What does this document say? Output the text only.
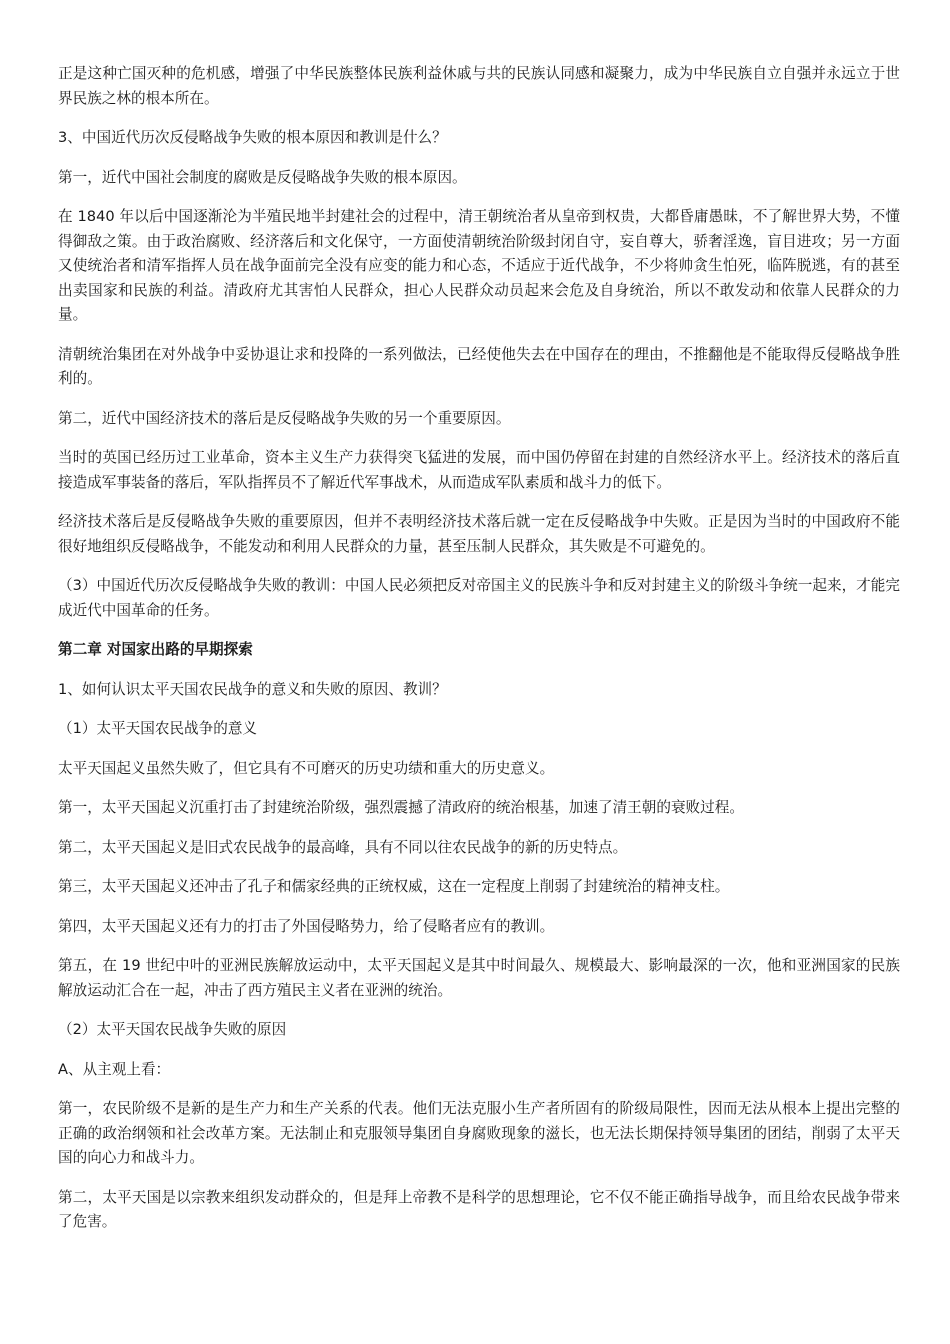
正是这种亡国灭种的危机感，增强了中华民族整体民族利益休戚与共的民族认同感和凝聚力，成为中华民族自立自强并永远立于世界民族之林的根本所在。

3、中国近代历次反侵略战争失败的根本原因和教训是什么？

第一，近代中国社会制度的腐败是反侵略战争失败的根本原因。

在 1840 年以后中国逐渐沦为半殖民地半封建社会的过程中，清王朝统治者从皇帝到权贵，大都昏庸愚昧，不了解世界大势，不懂得御敌之策。由于政治腐败、经济落后和文化保守，一方面使清朝统治阶级封闭自守，妄自尊大，骄奢淫逸，盲目进攻；另一方面又使统治者和清军指挥人员在战争面前完全没有应变的能力和心态，不适应于近代战争，不少将帅贪生怕死，临阵脱逃，有的甚至出卖国家和民族的利益。清政府尤其害怕人民群众，担心人民群众动员起来会危及自身统治，所以不敢发动和依靠人民群众的力量。

清朝统治集团在对外战争中妥协退让求和投降的一系列做法，已经使他失去在中国存在的理由，不推翻他是不能取得反侵略战争胜利的。

第二，近代中国经济技术的落后是反侵略战争失败的另一个重要原因。

当时的英国已经历过工业革命，资本主义生产力获得突飞猛进的发展，而中国仍停留在封建的自然经济水平上。经济技术的落后直接造成军事装备的落后，军队指挥员不了解近代军事战术，从而造成军队素质和战斗力的低下。

经济技术落后是反侵略战争失败的重要原因，但并不表明经济技术落后就一定在反侵略战争中失败。正是因为当时的中国政府不能很好地组织反侵略战争，不能发动和利用人民群众的力量，甚至压制人民群众，其失败是不可避免的。

（3）中国近代历次反侵略战争失败的教训：中国人民必须把反对帝国主义的民族斗争和反对封建主义的阶级斗争统一起来，才能完成近代中国革命的任务。

第二章 对国家出路的早期探索

1、如何认识太平天国农民战争的意义和失败的原因、教训？

（1）太平天国农民战争的意义

太平天国起义虽然失败了，但它具有不可磨灭的历史功绩和重大的历史意义。

第一，太平天国起义沉重打击了封建统治阶级，强烈震撼了清政府的统治根基，加速了清王朝的衰败过程。

第二，太平天国起义是旧式农民战争的最高峰，具有不同以往农民战争的新的历史特点。

第三，太平天国起义还冲击了孔子和儒家经典的正统权威，这在一定程度上削弱了封建统治的精神支柱。

第四，太平天国起义还有力的打击了外国侵略势力，给了侵略者应有的教训。

第五，在 19 世纪中叶的亚洲民族解放运动中，太平天国起义是其中时间最久、规模最大、影响最深的一次，他和亚洲国家的民族解放运动汇合在一起，冲击了西方殖民主义者在亚洲的统治。

（2）太平天国农民战争失败的原因

A、从主观上看：

第一，农民阶级不是新的是生产力和生产关系的代表。他们无法克服小生产者所固有的阶级局限性，因而无法从根本上提出完整的正确的政治纲领和社会改革方案。无法制止和克服领导集团自身腐败现象的滋长，也无法长期保持领导集团的团结，削弱了太平天国的向心力和战斗力。

第二，太平天国是以宗教来组织发动群众的，但是拜上帝教不是科学的思想理论，它不仅不能正确指导战争，而且给农民战争带来了危害。
